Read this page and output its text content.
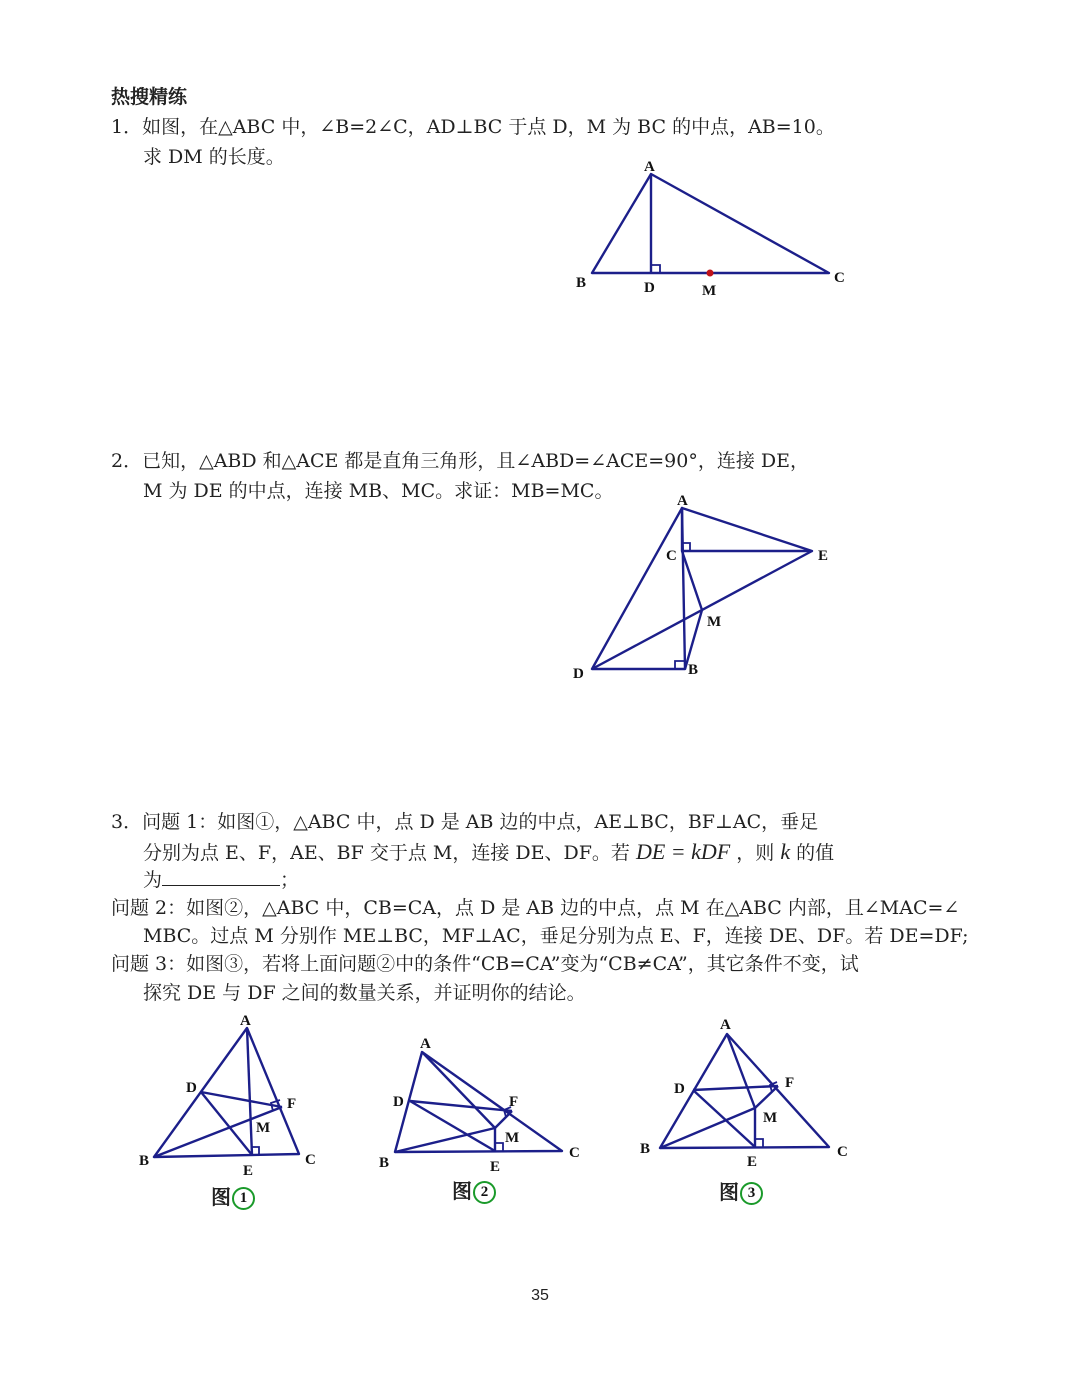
热搜精练
1．如图，在△ABC 中，∠B=2∠C，AD⊥BC 于点 D，M 为 BC 的中点，AB=10。
求 DM 的长度。	A
B	C
D	M
2．已知，△ABD 和△ACE 都是直角三角形，且∠ABD=∠ACE=90°，连接 DE，
M 为 DE 的中点，连接 MB、MC。求证：MB=MC。	A
C	E
M
D	B
3．问题 1：如图①，△ABC 中，点 D 是 AB 边的中点，AE⊥BC，BF⊥AC，垂足
分别为点 E、F，AE、BF 交于点 M，连接 DE、DF。若 DE = kDF ，则 k 的值
为	；
问题 2：如图②，△ABC 中，CB=CA，点 D 是 AB 边的中点，点 M 在△ABC 内部，且∠MAC=∠
MBC。过点 M 分别作 ME⊥BC，MF⊥AC，垂足分别为点 E、F，连接 DE、DF。若 DE=DF;
问题 3：如图③，若将上面问题②中的条件“CB=CA”变为“CB≠CA”，其它条件不变，试
探究 DE 与 DF 之间的数量关系，并证明你的结论。
A
D
F
M
B	C
E
图 1
A
D	F
M
B
C
E
图 2
A
D	F
M
B	C
E
图 3
35
